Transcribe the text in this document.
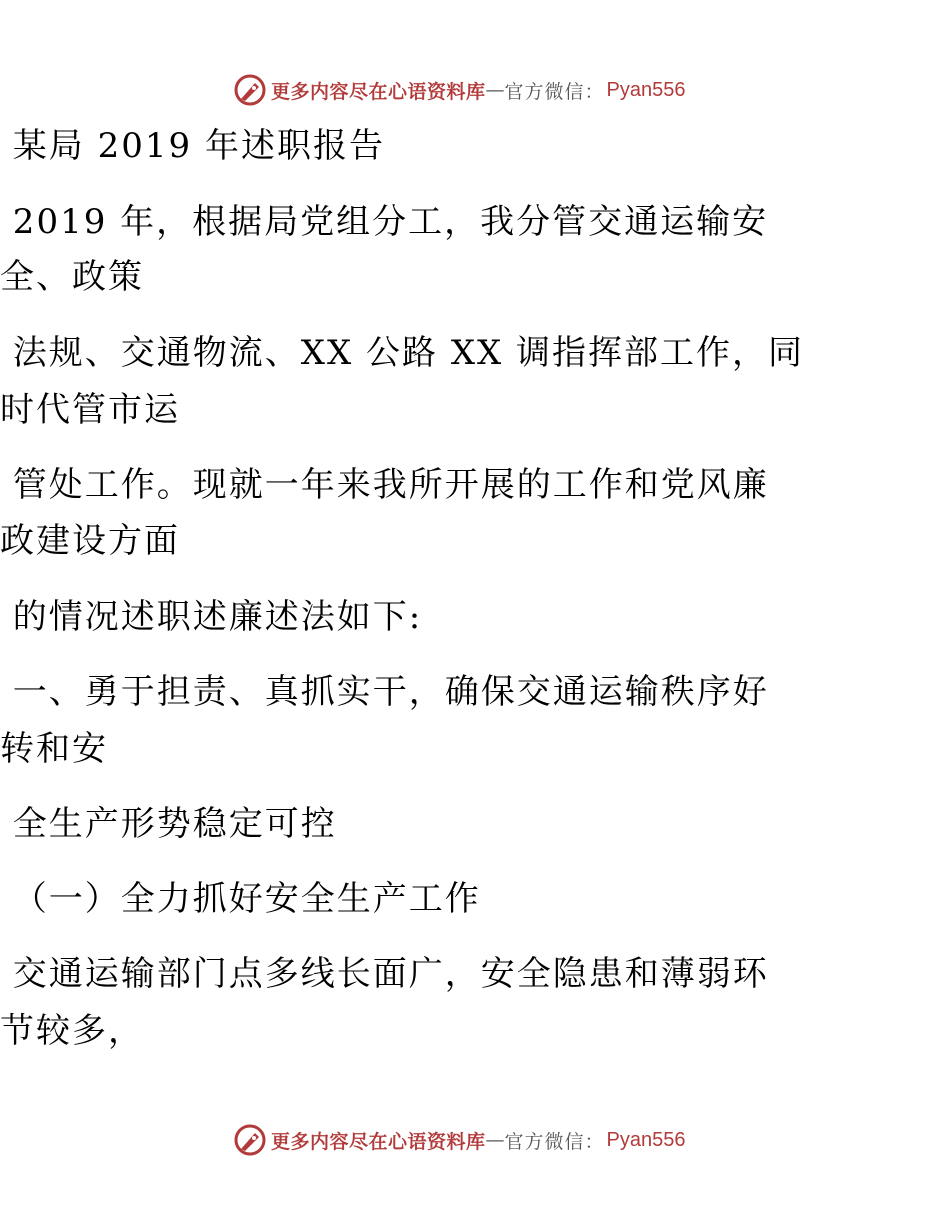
更多内容尽在心语资料库 — 官方微信： Pyan556
某局 2019 年述职报告
2019 年，根据局党组分工，我分管交通运输安
全、政策
法规、交通物流、XX 公路 XX 调指挥部工作，同
时代管市运
管处工作。现就一年来我所开展的工作和党风廉
政建设方面
的情况述职述廉述法如下:
一、勇于担责、真抓实干，确保交通运输秩序好
转和安
全生产形势稳定可控
（一）全力抓好安全生产工作
交通运输部门点多线长面广，安全隐患和薄弱环
节较多，
更多内容尽在心语资料库 — 官方微信： Pyan556
